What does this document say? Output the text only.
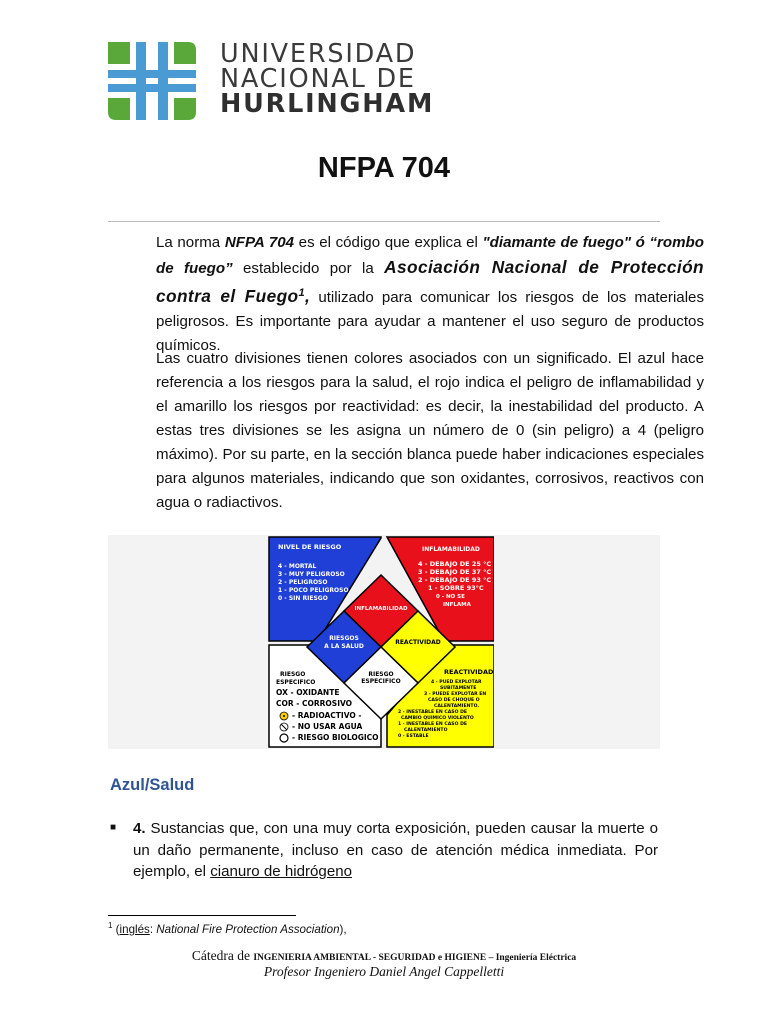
UNIVERSIDAD
NACIONAL DE
HURLINGHAM
NFPA 704
La norma NFPA 704 es el código que explica el "diamante de fuego" ó “rombo de fuego” establecido por la Asociación Nacional de Protección contra el Fuego$^1$, utilizado para comunicar los riesgos de los materiales peligrosos. Es importante para ayudar a mantener el uso seguro de productos químicos.
Las cuatro divisiones tienen colores asociados con un significado. El azul hace referencia a los riesgos para la salud, el rojo indica el peligro de inflamabilidad y el amarillo los riesgos por reactividad: es decir, la inestabilidad del producto. A estas tres divisiones se les asigna un número de 0 (sin peligro) a 4 (peligro máximo). Por su parte, en la sección blanca puede haber indicaciones especiales para algunos materiales, indicando que son oxidantes, corrosivos, reactivos con agua o radiactivos.
NIVEL DE RIESGO
4 - MORTAL
3 - MUY PELIGROSO
2 - PELIGROSO
1 - POCO PELIGROSO
0 - SIN RIESGO
INFLAMABILIDAD
4 - DEBAJO DE 25 °C
3 - DEBAJO DE 37 °C
2 - DEBAJO DE 93 °C
1 - SOBRE 93°C
0 - NO SE
INFLAMA
INFLAMABILIDAD
RIESGOS
A LA SALUD
REACTIVIDAD
RIESGO
ESPECIFICO
RIESGO
ESPECIFICO
OX - OXIDANTE
COR - CORROSIVO
- RADIOACTIVO -
- NO USAR AGUA
- RIESGO BIOLOGICO
REACTIVIDAD
4 - PUED EXPLOTAR
SUBITAMENTE
3 - PUEDE EXPLOTAR EN
CASO DE CHOQUE O
CALENTAMIENTO.
2 - INESTABLE EN CASO DE
CAMBIO QUIMICO VIOLENTO
1 - INESTABLE EN CASO DE
CALENTAMIENTO
0 - ESTABLE
Azul/Salud
■ 4. Sustancias que, con una muy corta exposición, pueden causar la muerte o un daño permanente, incluso en caso de atención médica inmediata. Por ejemplo, el cianuro de hidrógeno
$^1$ (inglés: National Fire Protection Association),
Cátedra de INGENIERIA AMBIENTAL - SEGURIDAD e HIGIENE – Ingeniería Eléctrica
Profesor Ingeniero Daniel Angel Cappelletti
